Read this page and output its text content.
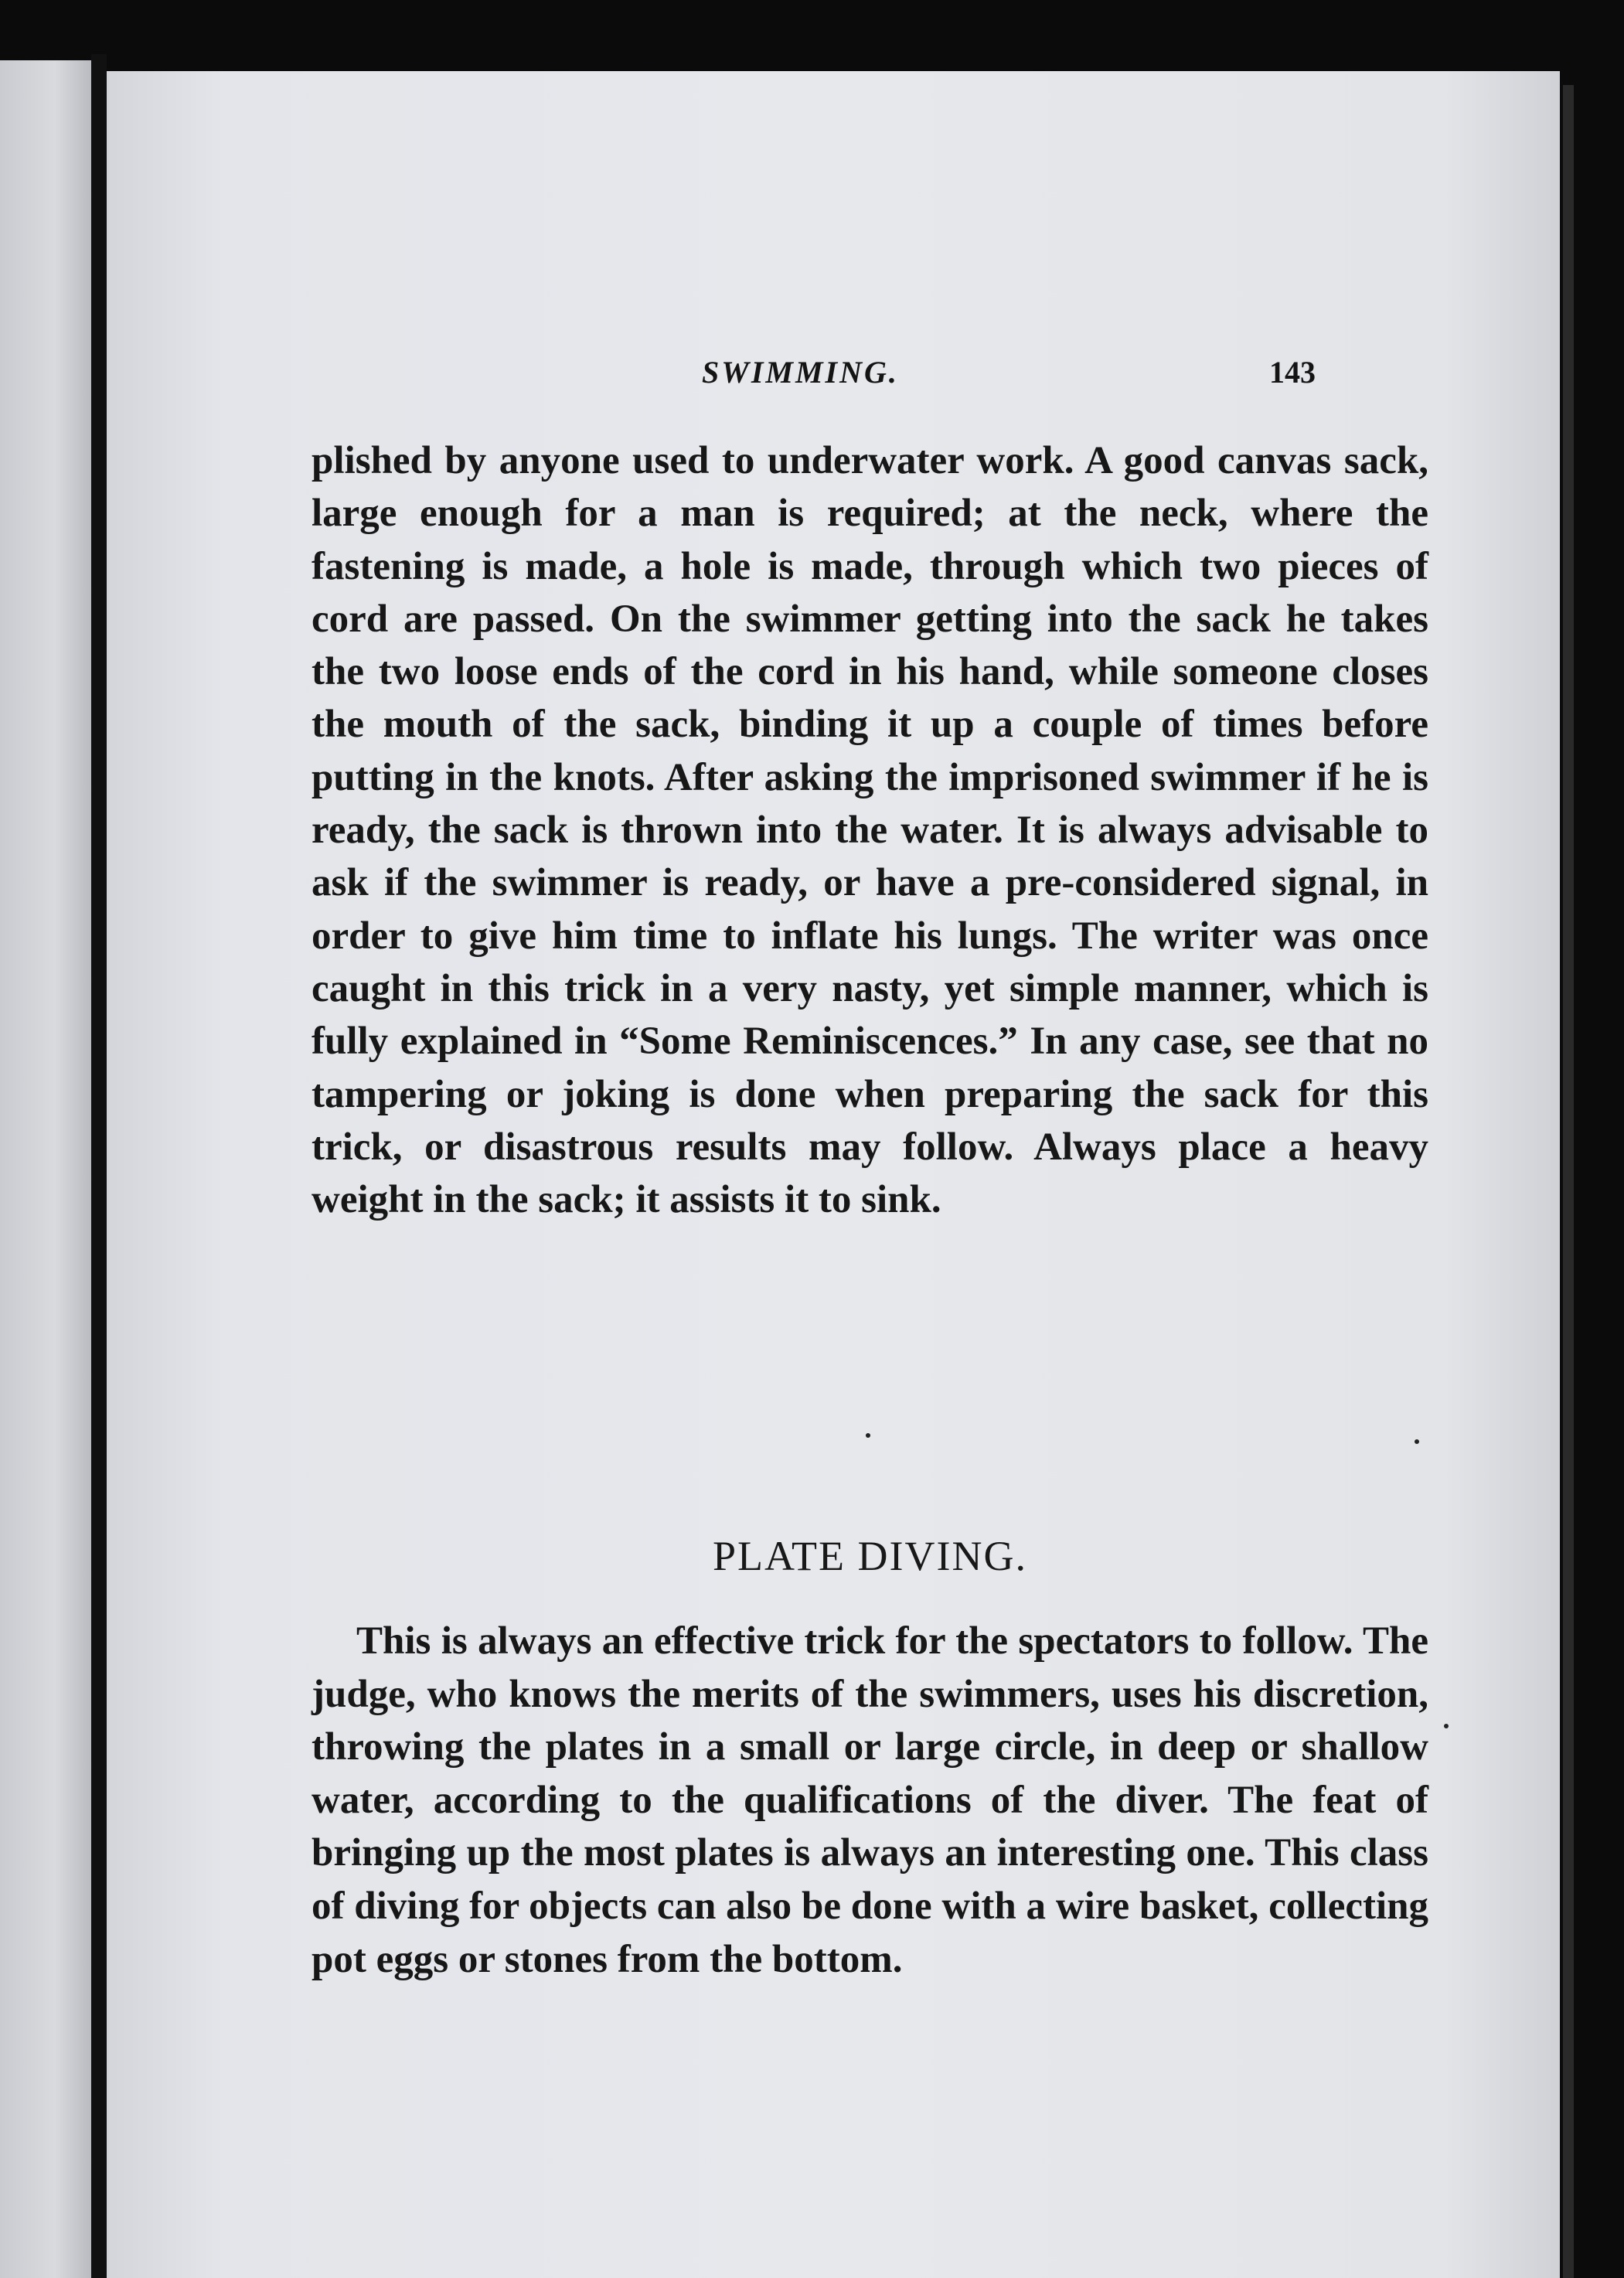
SWIMMING.	143

plished by anyone used to underwater work. A good canvas sack, large enough for a man is required; at the neck, where the fastening is made, a hole is made, through which two pieces of cord are passed. On the swimmer getting into the sack he takes the two loose ends of the cord in his hand, while someone closes the mouth of the sack, binding it up a couple of times before putting in the knots. After asking the imprisoned swimmer if he is ready, the sack is thrown into the water. It is always advisable to ask if the swimmer is ready, or have a pre-considered signal, in order to give him time to inflate his lungs. The writer was once caught in this trick in a very nasty, yet simple manner, which is fully explained in “Some Reminiscences.” In any case, see that no tampering or joking is done when preparing the sack for this trick, or disastrous results may follow. Always place a heavy weight in the sack; it assists it to sink.

PLATE DIVING.

This is always an effective trick for the spectators to follow. The judge, who knows the merits of the swimmers, uses his discretion, throwing the plates in a small or large circle, in deep or shallow water, according to the qualifications of the diver. The feat of bringing up the most plates is always an interesting one. This class of diving for objects can also be done with a wire basket, collecting pot eggs or stones from the bottom.
